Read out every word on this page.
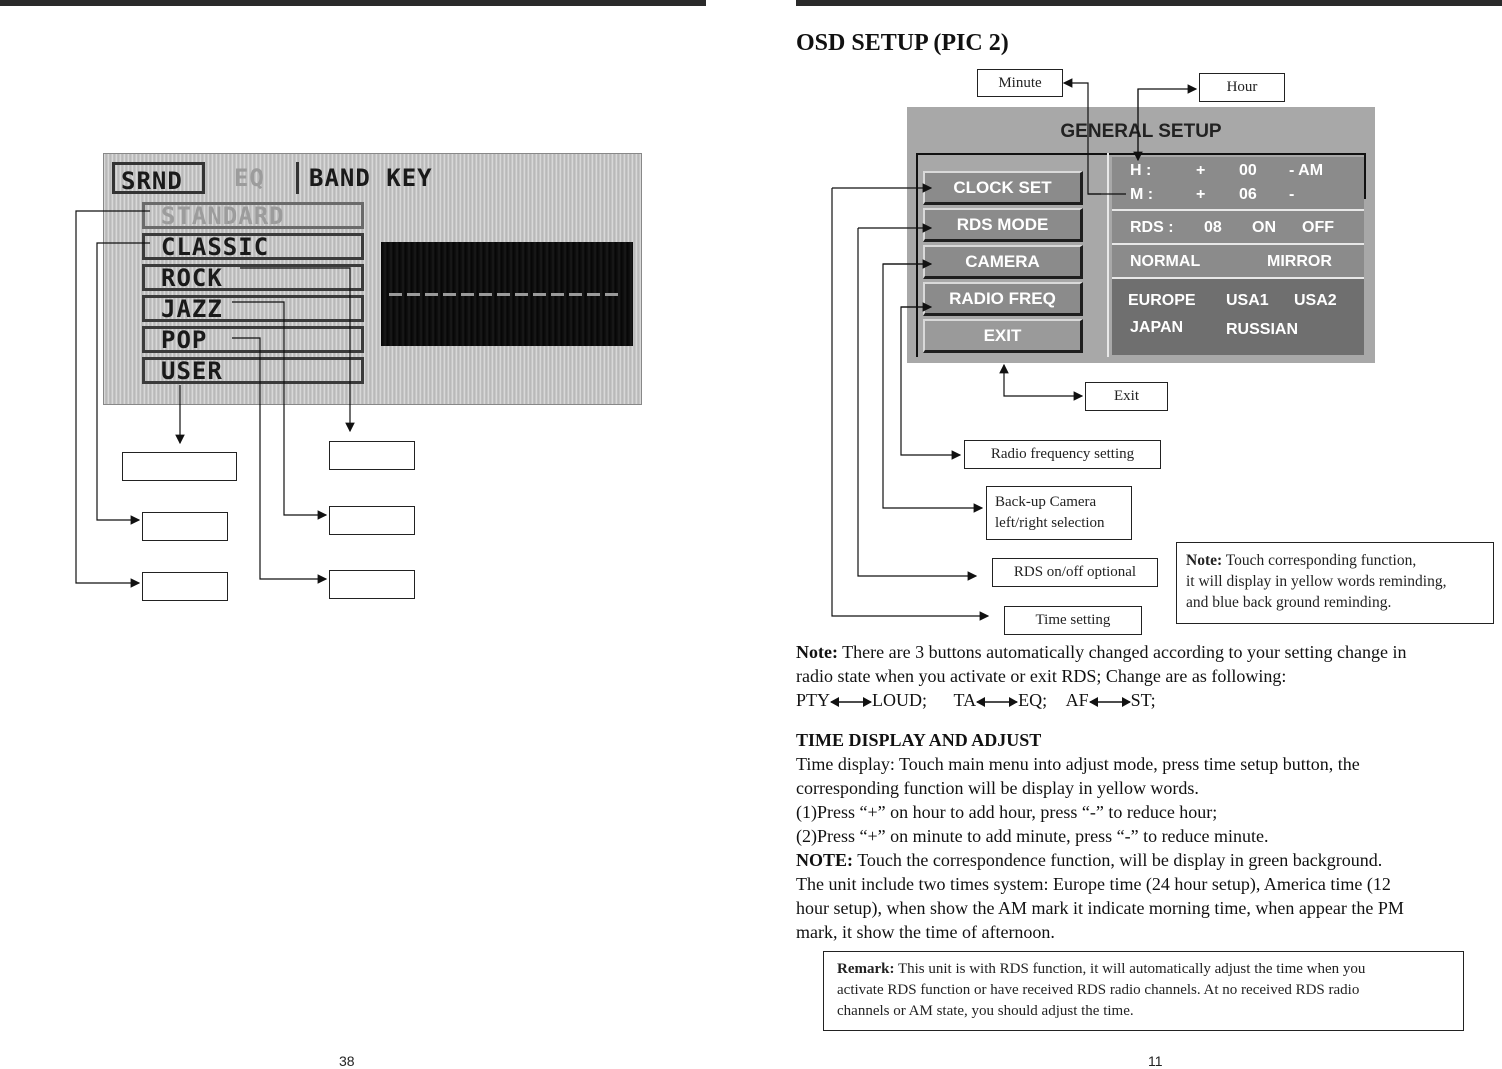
SRND	EQ	BAND KEY
STANDARD
CLASSIC
ROCK
JAZZ
POP
USER
38
OSD SETUP (PIC 2)
Minute	Hour
GENERAL SETUP
CLOCK SET
RDS MODE
CAMERA
RADIO FREQ
EXIT
H :	+ 00 - AM
M :	+ 06 -
RDS : 08 ON OFF
NORMAL	MIRROR
EUROPE USA1 USA2
JAPAN	RUSSIAN
Exit
Radio frequency setting
Back-up Camera
left/right selection
RDS on/off optional
Time setting
Note: Touch corresponding function,
it will display in yellow words reminding,
and blue back ground reminding.
Note: There are 3 buttons automatically changed according to your setting change in
radio state when you activate or exit RDS; Change are as following:
PTY LOUD; TA EQ; AF ST;
TIME DISPLAY AND ADJUST
Time display: Touch main menu into adjust mode, press time setup button, the
corresponding function will be display in yellow words.
(1)Press “+” on hour to add hour, press “-” to reduce hour;
(2)Press “+” on minute to add minute, press “-” to reduce minute.
NOTE: Touch the correspondence function, will be display in green background.
The unit include two times system: Europe time (24 hour setup), America time (12
hour setup), when show the AM mark it indicate morning time, when appear the PM
mark, it show the time of afternoon.
Remark: This unit is with RDS function, it will automatically adjust the time when you
activate RDS function or have received RDS radio channels. At no received RDS radio
channels or AM state, you should adjust the time.
11
